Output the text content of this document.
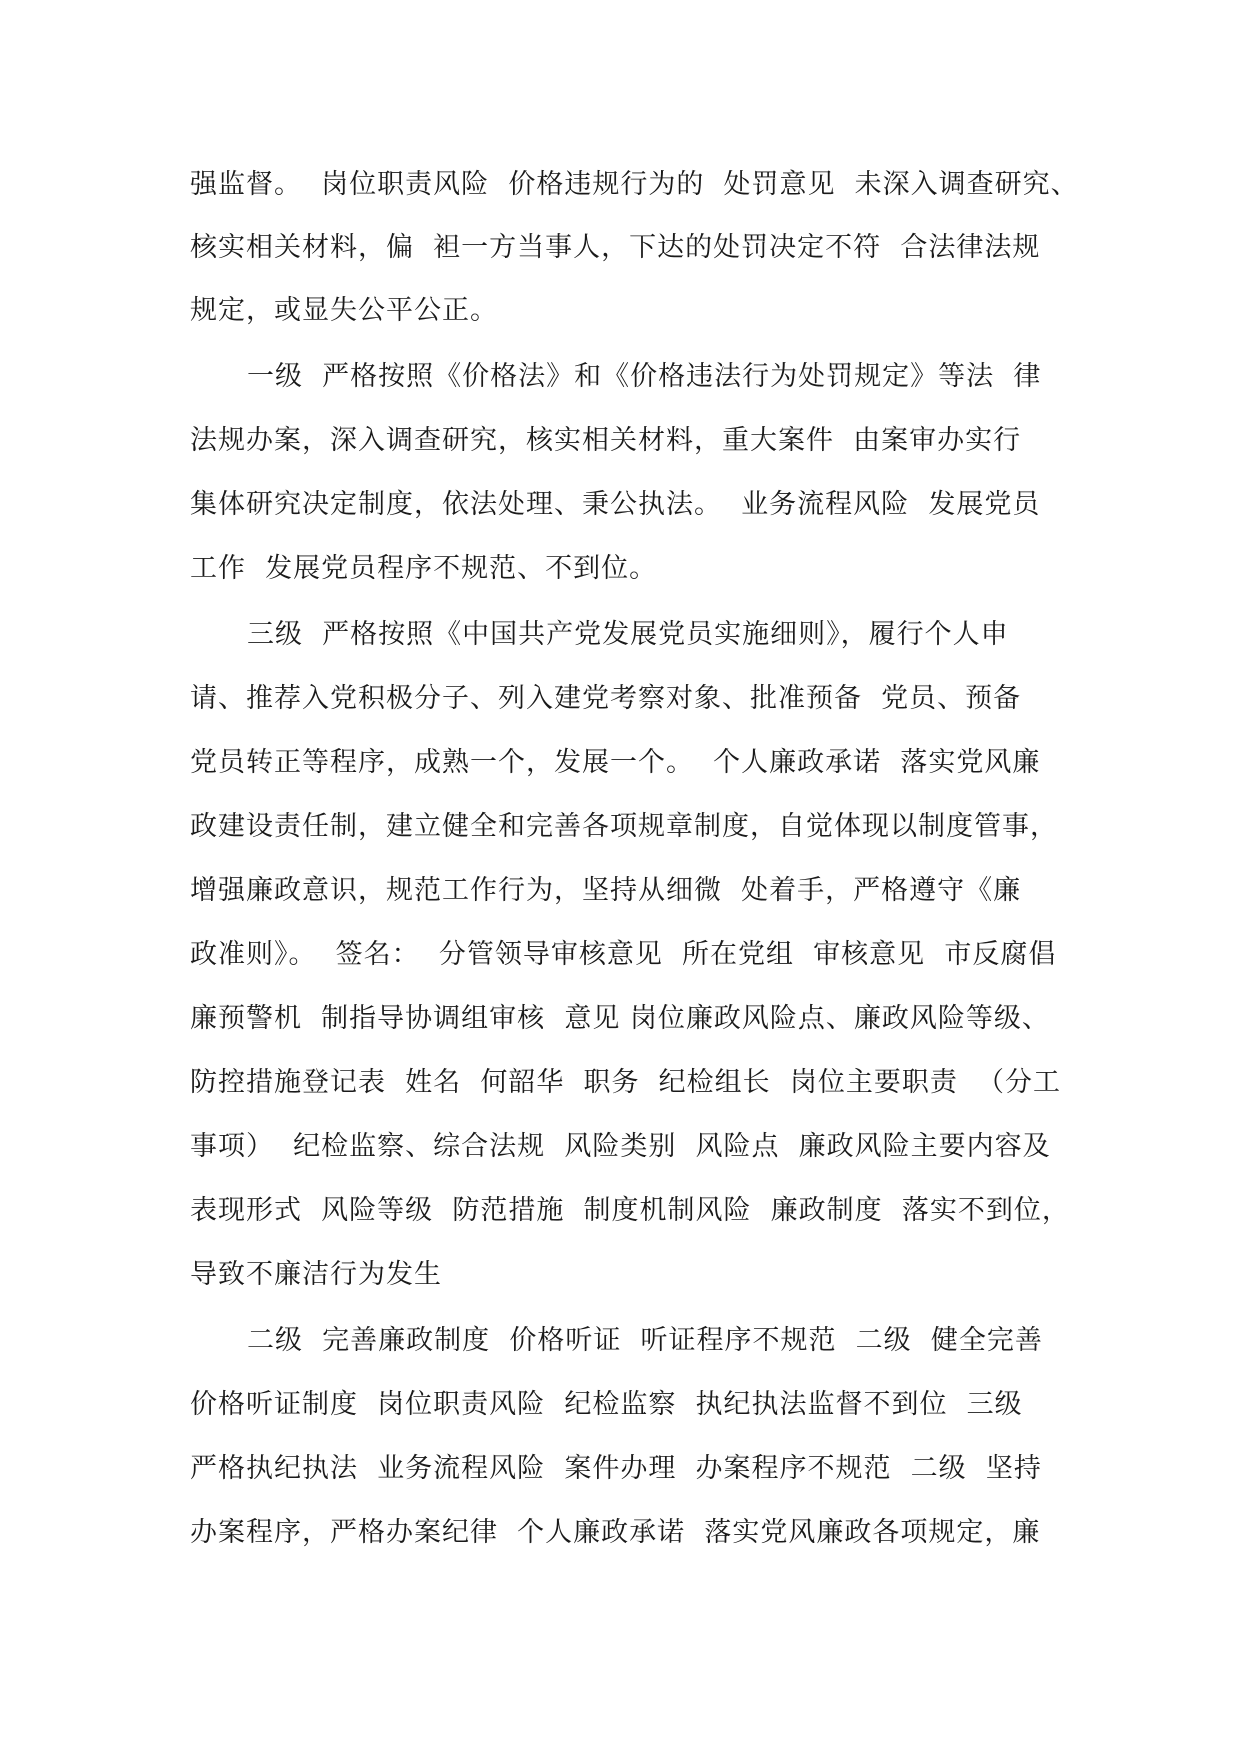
强监督。  岗位职责风险  价格违规行为的  处罚意见  未深入调查研究、
核实相关材料，偏  袒一方当事人，下达的处罚决定不符  合法律法规
规定，或显失公平公正。
一级  严格按照《价格法》和《价格违法行为处罚规定》等法  律
法规办案，深入调查研究，核实相关材料，重大案件  由案审办实行
集体研究决定制度，依法处理、秉公执法。  业务流程风险  发展党员
工作  发展党员程序不规范、不到位。
三级  严格按照《中国共产党发展党员实施细则》，履行个人申
请、推荐入党积极分子、列入建党考察对象、批准预备  党员、预备
党员转正等程序，成熟一个，发展一个。  个人廉政承诺  落实党风廉
政建设责任制，建立健全和完善各项规章制度，自觉体现以制度管事，
增强廉政意识，规范工作行为，坚持从细微  处着手，严格遵守《廉
政准则》。  签名：  分管领导审核意见  所在党组  审核意见  市反腐倡
廉预警机  制指导协调组审核  意见 岗位廉政风险点、廉政风险等级、
防控措施登记表  姓名  何韶华  职务  纪检组长  岗位主要职责  （分工
事项）  纪检监察、综合法规  风险类别  风险点  廉政风险主要内容及
表现形式  风险等级  防范措施  制度机制风险  廉政制度  落实不到位，
导致不廉洁行为发生
二级  完善廉政制度  价格听证  听证程序不规范  二级  健全完善
价格听证制度  岗位职责风险  纪检监察  执纪执法监督不到位  三级
严格执纪执法  业务流程风险  案件办理  办案程序不规范  二级  坚持
办案程序，严格办案纪律  个人廉政承诺  落实党风廉政各项规定，廉
